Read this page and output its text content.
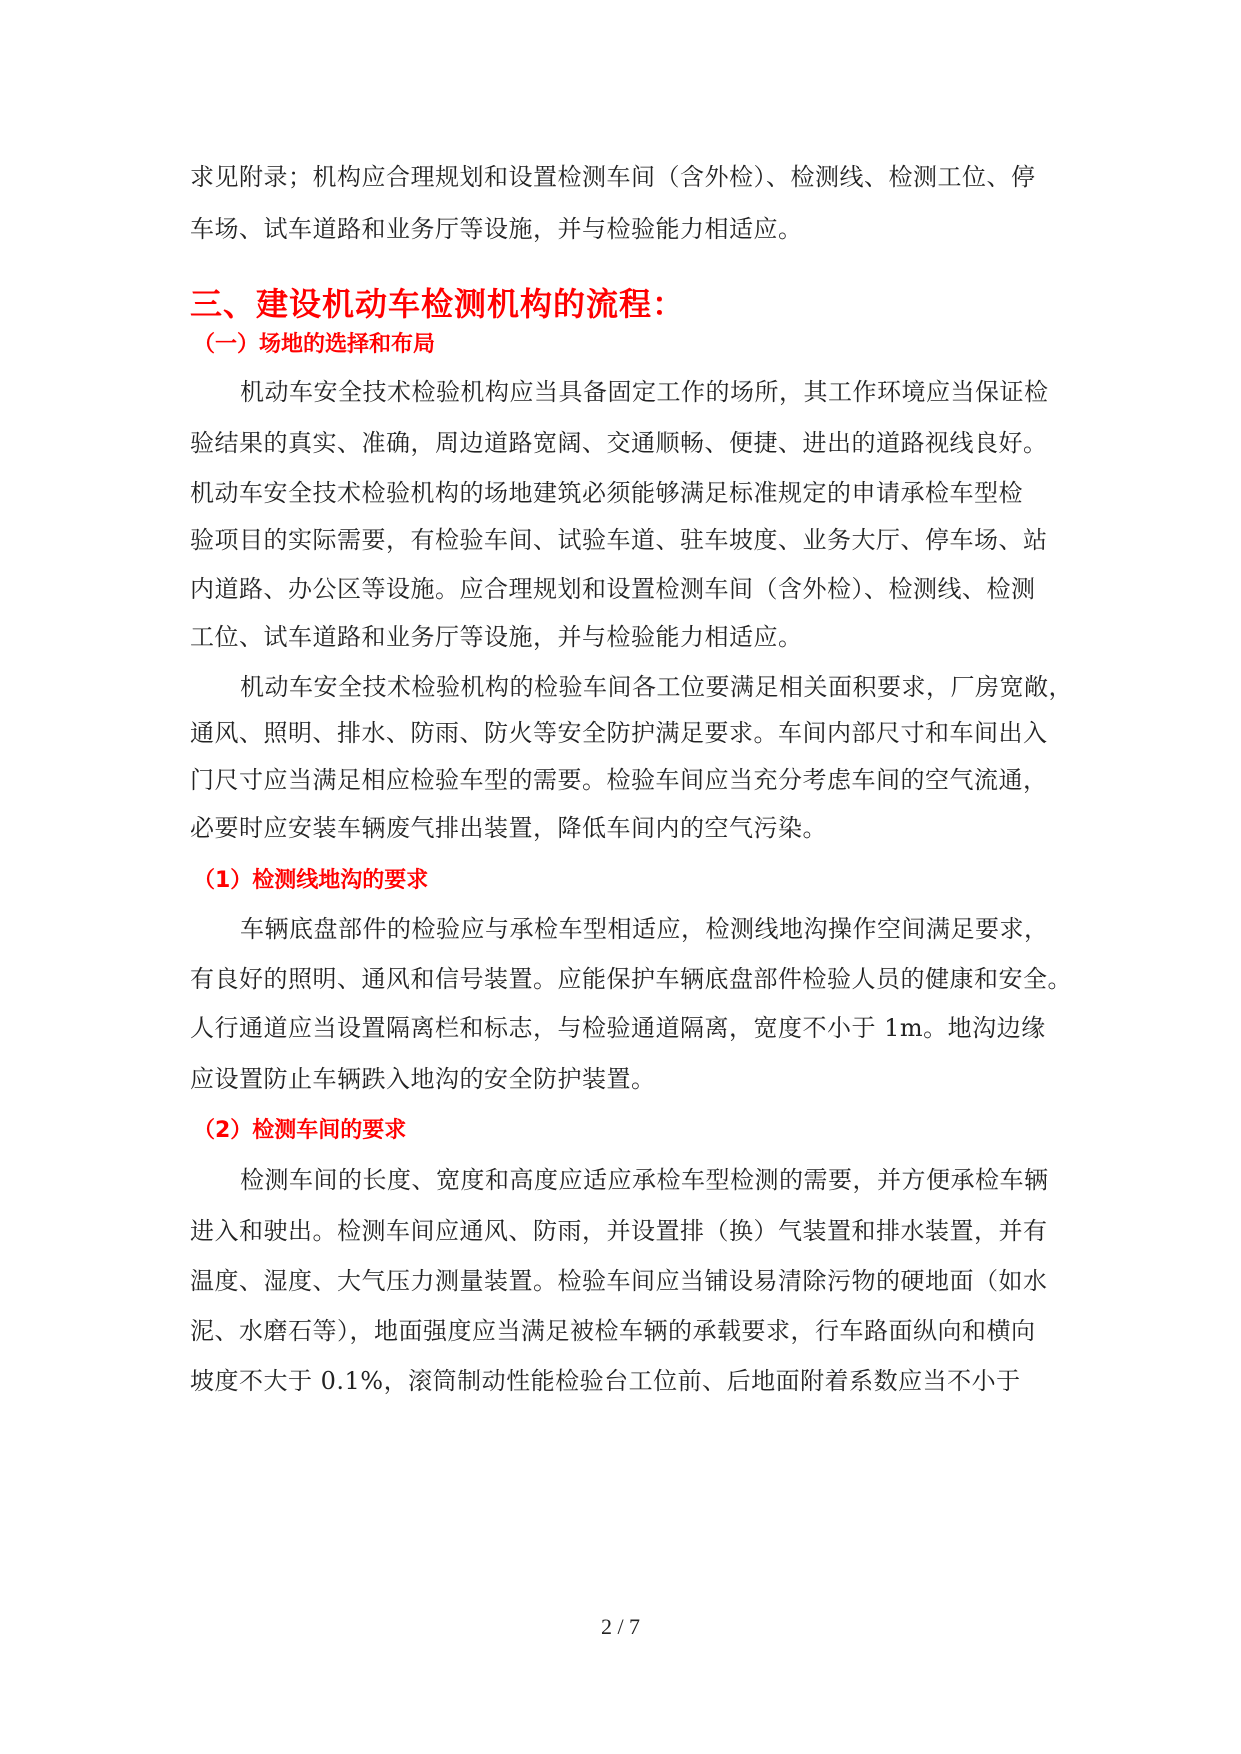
求见附录；机构应合理规划和设置检测车间（含外检）、检测线、检测工位、停
车场、试车道路和业务厅等设施，并与检验能力相适应。
三、建设机动车检测机构的流程：
（一）场地的选择和布局
机动车安全技术检验机构应当具备固定工作的场所，其工作环境应当保证检
验结果的真实、准确，周边道路宽阔、交通顺畅、便捷、进出的道路视线良好。
机动车安全技术检验机构的场地建筑必须能够满足标准规定的申请承检车型检
验项目的实际需要，有检验车间、试验车道、驻车坡度、业务大厅、停车场、站
内道路、办公区等设施。应合理规划和设置检测车间（含外检）、检测线、检测
工位、试车道路和业务厅等设施，并与检验能力相适应。
机动车安全技术检验机构的检验车间各工位要满足相关面积要求，厂房宽敞，
通风、照明、排水、防雨、防火等安全防护满足要求。车间内部尺寸和车间出入
门尺寸应当满足相应检验车型的需要。检验车间应当充分考虑车间的空气流通，
必要时应安装车辆废气排出装置，降低车间内的空气污染。
（1）检测线地沟的要求
车辆底盘部件的检验应与承检车型相适应，检测线地沟操作空间满足要求，
有良好的照明、通风和信号装置。应能保护车辆底盘部件检验人员的健康和安全。
人行通道应当设置隔离栏和标志，与检验通道隔离，宽度不小于 1m。地沟边缘
应设置防止车辆跌入地沟的安全防护装置。
（2）检测车间的要求
检测车间的长度、宽度和高度应适应承检车型检测的需要，并方便承检车辆
进入和驶出。检测车间应通风、防雨，并设置排（换）气装置和排水装置，并有
温度、湿度、大气压力测量装置。检验车间应当铺设易清除污物的硬地面（如水
泥、水磨石等），地面强度应当满足被检车辆的承载要求，行车路面纵向和横向
坡度不大于 0.1%，滚筒制动性能检验台工位前、后地面附着系数应当不小于
2 / 7
